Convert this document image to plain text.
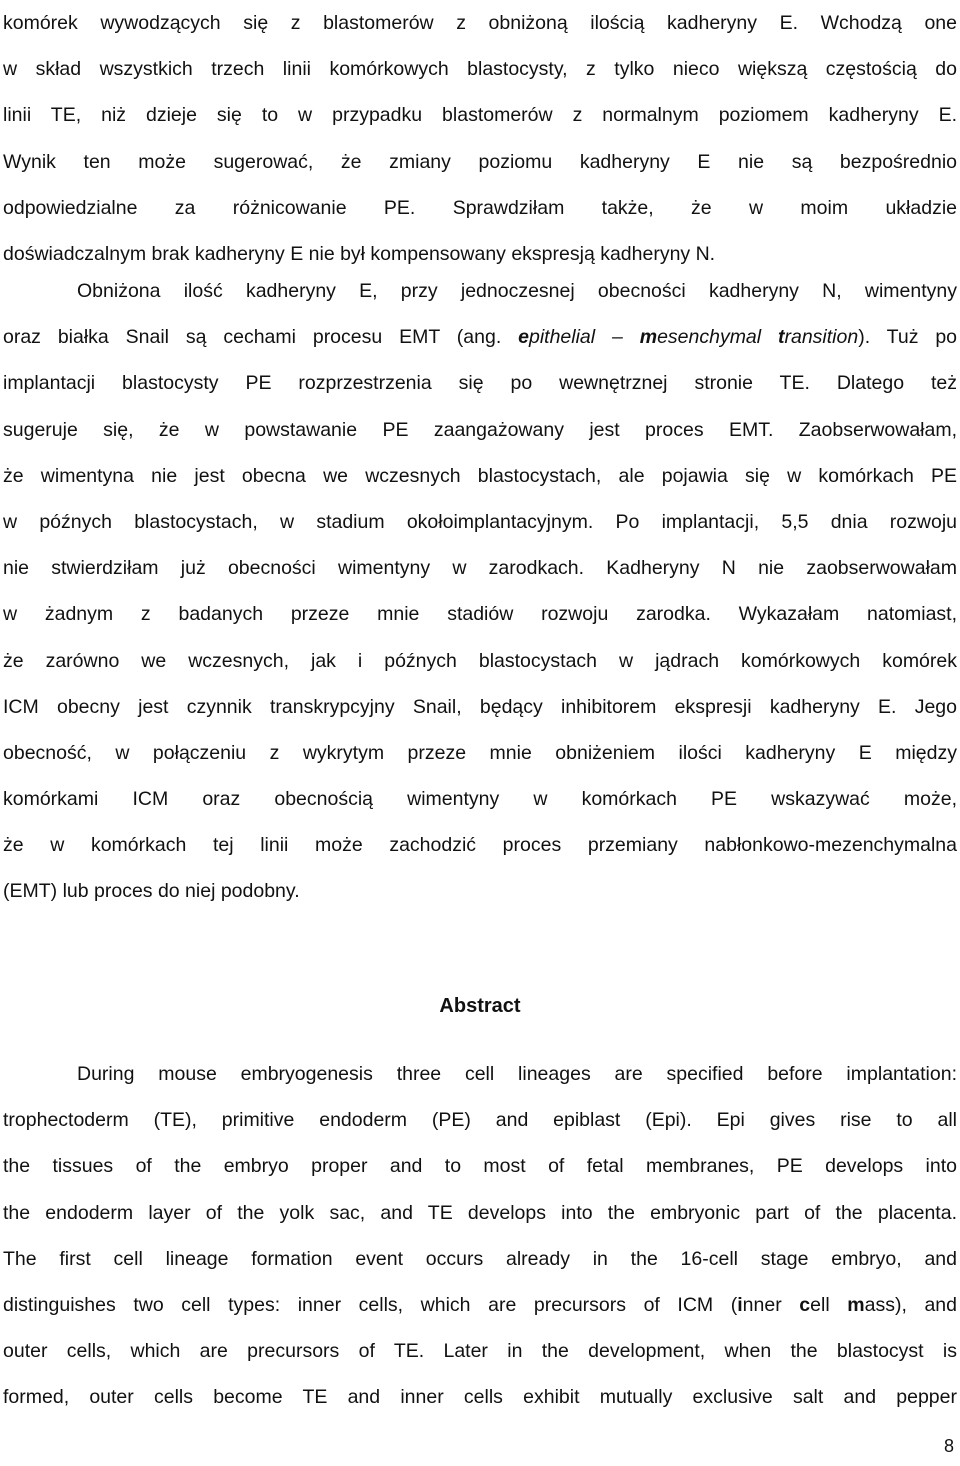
komórek wywodzących się z blastomerów z obniżoną ilością kadheryny E. Wchodzą one
w skład wszystkich trzech linii komórkowych blastocysty, z tylko nieco większą częstością do
linii TE, niż dzieje się to w przypadku blastomerów z normalnym poziomem kadheryny E.
Wynik ten może sugerować, że zmiany poziomu kadheryny E nie są bezpośrednio
odpowiedzialne za różnicowanie PE. Sprawdziłam także, że w moim układzie
doświadczalnym brak kadheryny E nie był kompensowany ekspresją kadheryny N.
Obniżona ilość kadheryny E, przy jednoczesnej obecności kadheryny N, wimentyny
oraz białka Snail są cechami procesu EMT (ang. epithelial – mesenchymal transition). Tuż po
implantacji blastocysty PE rozprzestrzenia się po wewnętrznej stronie TE. Dlatego też
sugeruje się, że w powstawanie PE zaangażowany jest proces EMT. Zaobserwowałam,
że wimentyna nie jest obecna we wczesnych blastocystach, ale pojawia się w komórkach PE
w późnych blastocystach, w stadium okołoimplantacyjnym. Po implantacji, 5,5 dnia rozwoju
nie stwierdziłam już obecności wimentyny w zarodkach. Kadheryny N nie zaobserwowałam
w żadnym z badanych przeze mnie stadiów rozwoju zarodka. Wykazałam natomiast,
że zarówno we wczesnych, jak i późnych blastocystach w jądrach komórkowych komórek
ICM obecny jest czynnik transkrypcyjny Snail, będący inhibitorem ekspresji kadheryny E. Jego
obecność, w połączeniu z wykrytym przeze mnie obniżeniem ilości kadheryny E między
komórkami ICM oraz obecnością wimentyny w komórkach PE wskazywać może,
że w komórkach tej linii może zachodzić proces przemiany nabłonkowo-mezenchymalna
(EMT) lub proces do niej podobny.
Abstract
During mouse embryogenesis three cell lineages are specified before implantation:
trophectoderm (TE), primitive endoderm (PE) and epiblast (Epi). Epi gives rise to all
the tissues of the embryo proper and to most of fetal membranes, PE develops into
the endoderm layer of the yolk sac, and TE develops into the embryonic part of the placenta.
The first cell lineage formation event occurs already in the 16-cell stage embryo, and
distinguishes two cell types: inner cells, which are precursors of ICM (inner cell mass), and
outer cells, which are precursors of TE. Later in the development, when the blastocyst is
formed, outer cells become TE and inner cells exhibit mutually exclusive salt and pepper
8
